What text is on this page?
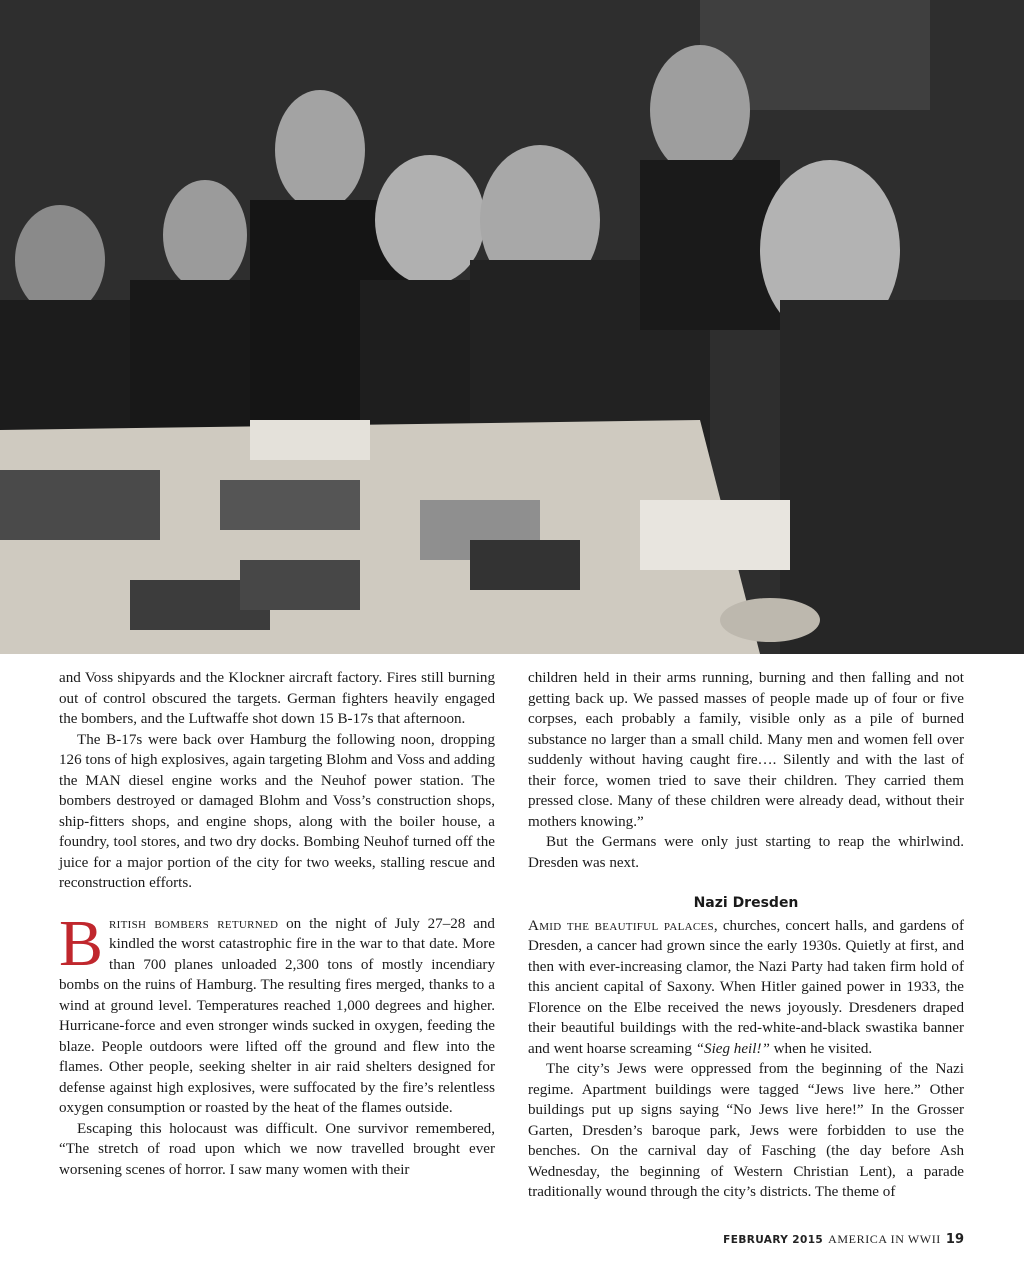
and Voss shipyards and the Klockner aircraft factory. Fires still burning out of control obscured the targets. German fighters heavily engaged the bombers, and the Luftwaffe shot down 15 B-17s that afternoon.

The B-17s were back over Hamburg the following noon, dropping 126 tons of high explosives, again targeting Blohm and Voss and adding the MAN diesel engine works and the Neuhof power station. The bombers destroyed or damaged Blohm and Voss’s construction shops, ship-fitters shops, and engine shops, along with the boiler house, a foundry, tool stores, and two dry docks. Bombing Neuhof turned off the juice for a major portion of the city for two weeks, stalling rescue and reconstruction efforts.

British bombers returned on the night of July 27–28 and kindled the worst catastrophic fire in the war to that date. More than 700 planes unloaded 2,300 tons of mostly incendiary bombs on the ruins of Hamburg. The resulting fires merged, thanks to a wind at ground level. Temperatures reached 1,000 degrees and higher. Hurricane-force and even stronger winds sucked in oxygen, feeding the blaze. People outdoors were lifted off the ground and flew into the flames. Other people, seeking shelter in air raid shelters designed for defense against high explosives, were suffocated by the fire’s relentless oxygen consumption or roasted by the heat of the flames outside.

Escaping this holocaust was difficult. One survivor remembered, “The stretch of road upon which we now travelled brought ever worsening scenes of horror. I saw many women with their

children held in their arms running, burning and then falling and not getting back up. We passed masses of people made up of four or five corpses, each probably a family, visible only as a pile of burned substance no larger than a small child. Many men and women fell over suddenly without having caught fire…. Silently and with the last of their force, women tried to save their children. They carried them pressed close. Many of these children were already dead, without their mothers knowing.”

But the Germans were only just starting to reap the whirlwind. Dresden was next.

Nazi Dresden

Amid the beautiful palaces, churches, concert halls, and gardens of Dresden, a cancer had grown since the early 1930s. Quietly at first, and then with ever-increasing clamor, the Nazi Party had taken firm hold of this ancient capital of Saxony. When Hitler gained power in 1933, the Florence on the Elbe received the news joyously. Dresdeners draped their beautiful buildings with the red-white-and-black swastika banner and went hoarse screaming “Sieg heil!” when he visited.

The city’s Jews were oppressed from the beginning of the Nazi regime. Apartment buildings were tagged “Jews live here.” Other buildings put up signs saying “No Jews live here!” In the Grosser Garten, Dresden’s baroque park, Jews were forbidden to use the benches. On the carnival day of Fasching (the day before Ash Wednesday, the beginning of Western Christian Lent), a parade traditionally wound through the city’s districts. The theme of

FEBRUARY 2015 AMERICA IN WWII 19
